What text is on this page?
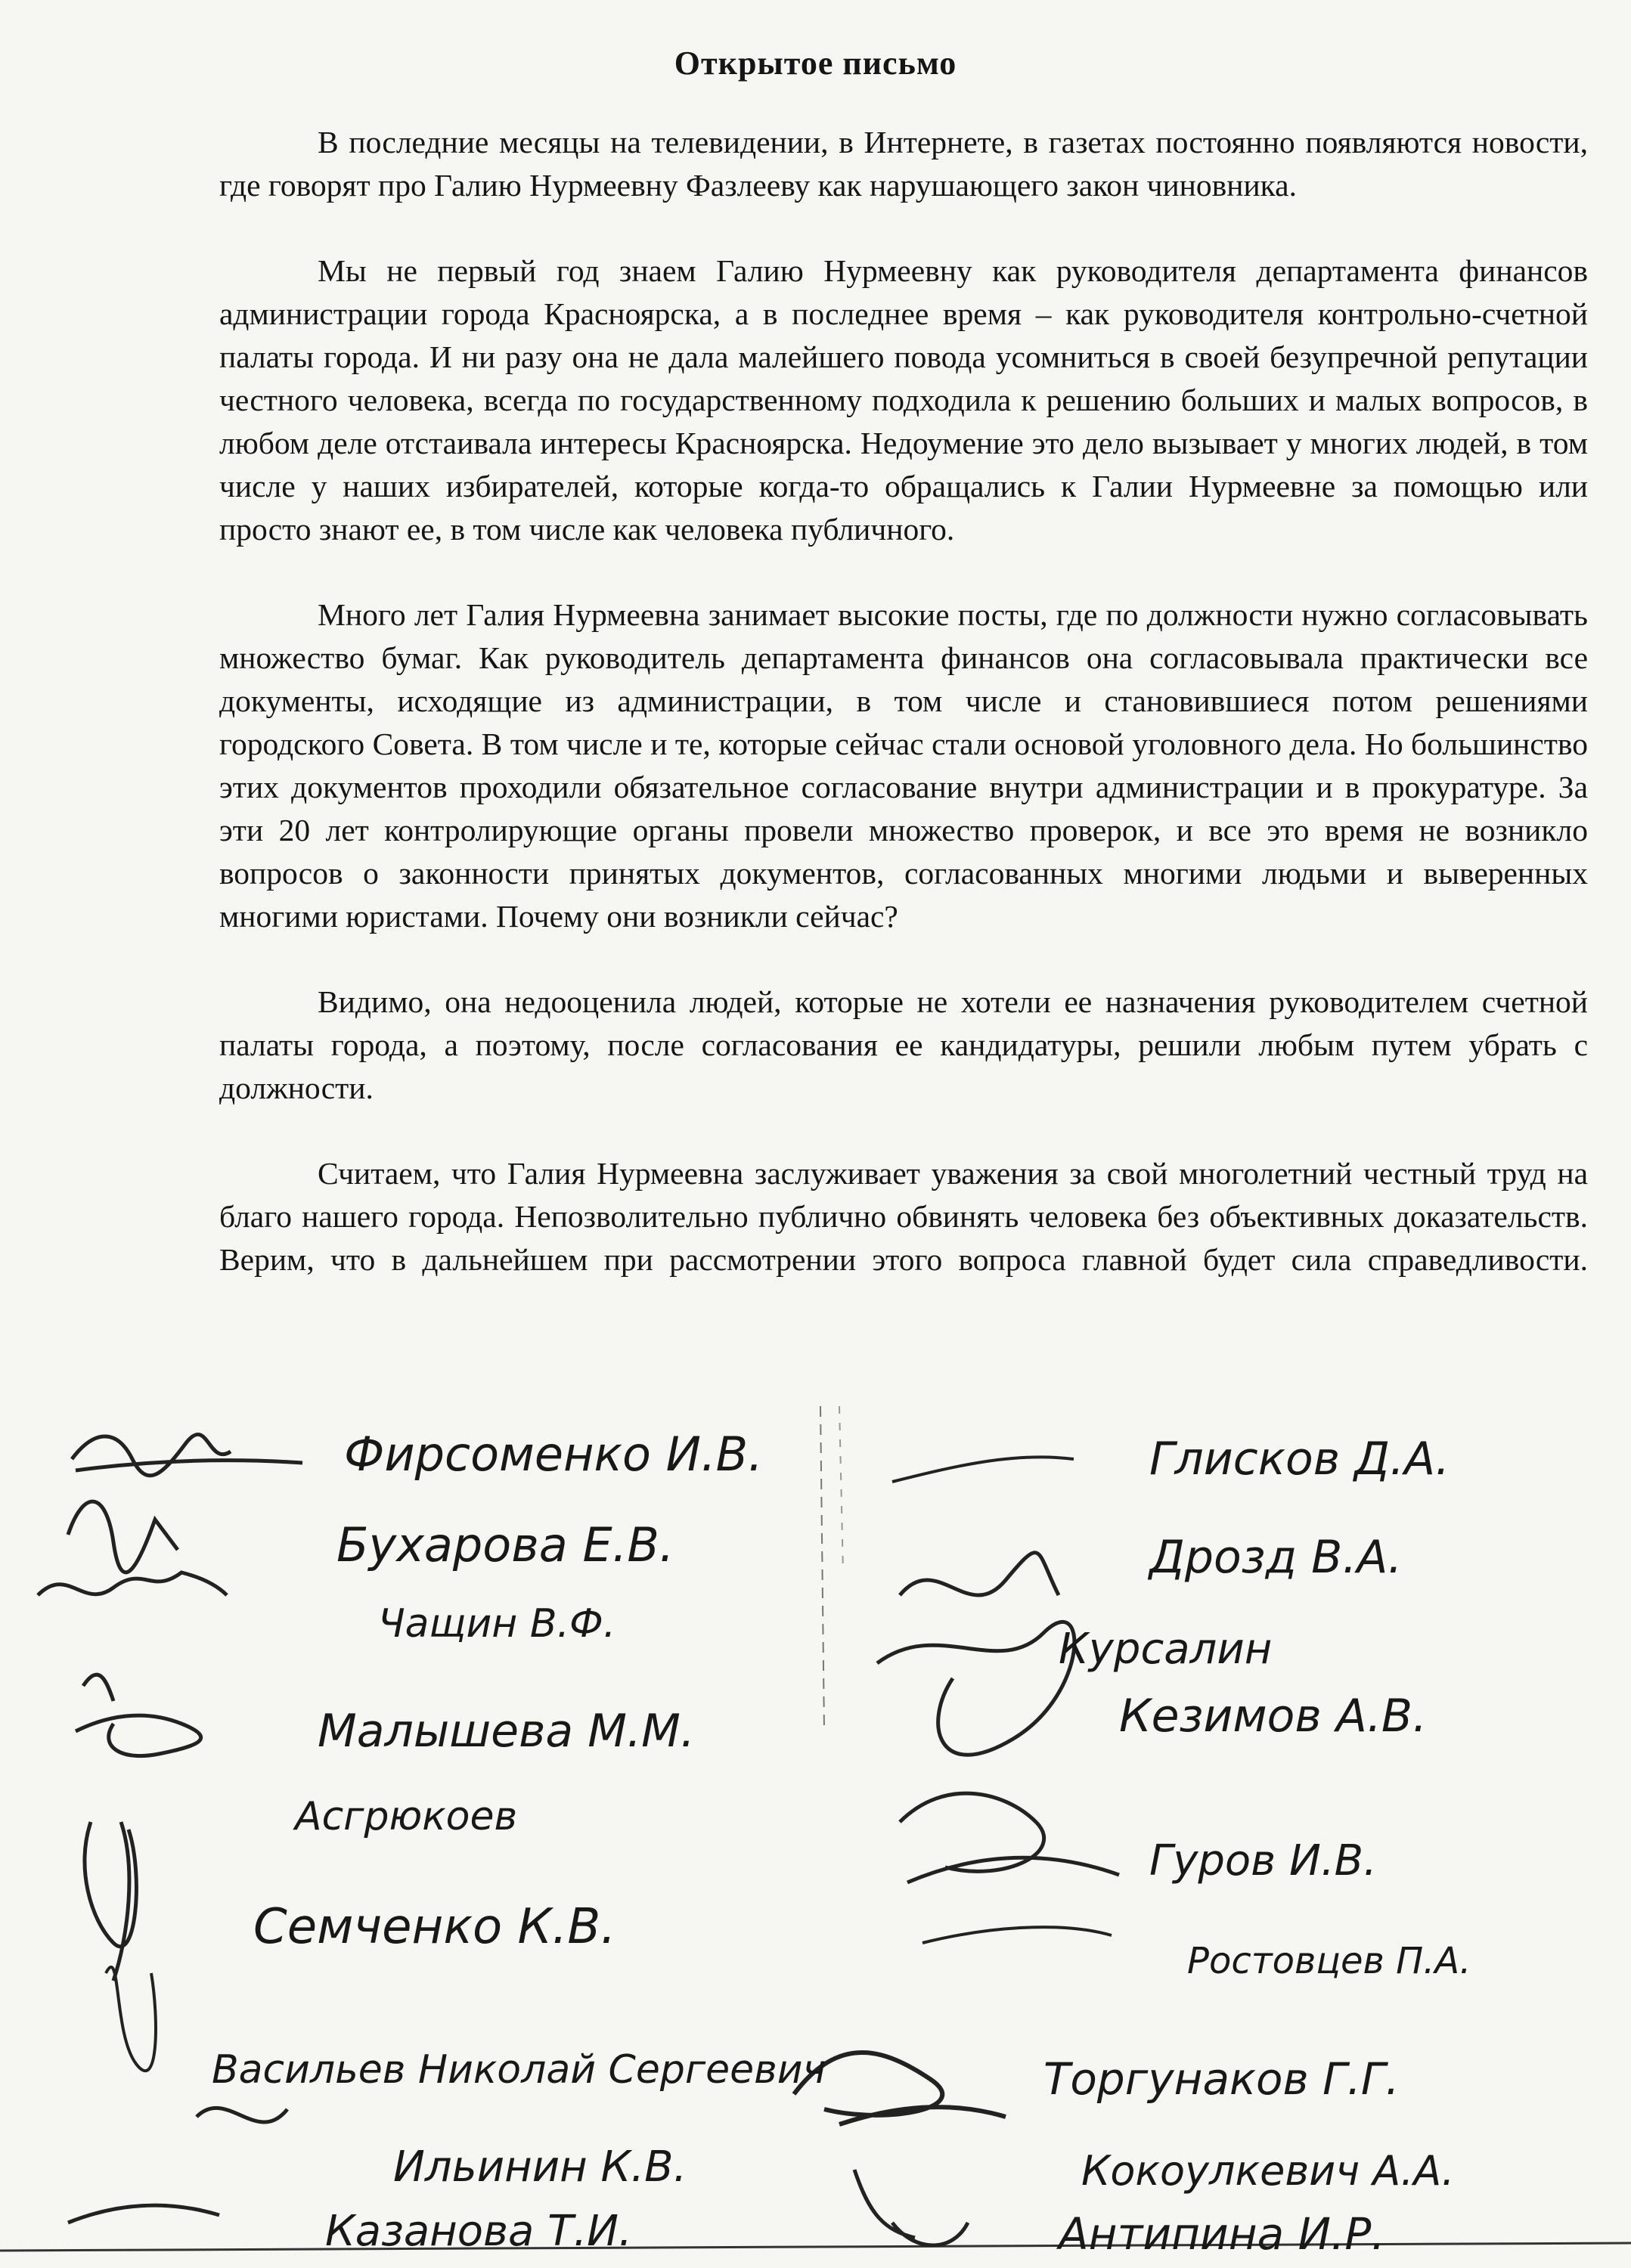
Открытое письмо

В последние месяцы на телевидении, в Интернете, в газетах постоянно появляются новости, где говорят про Галию Нурмеевну Фазлееву как нарушающего закон чиновника.

Мы не первый год знаем Галию Нурмеевну как руководителя департамента финансов администрации города Красноярска, а в последнее время – как руководителя контрольно-счетной палаты города. И ни разу она не дала малейшего повода усомниться в своей безупречной репутации честного человека, всегда по государственному подходила к решению больших и малых вопросов, в любом деле отстаивала интересы Красноярска. Недоумение это дело вызывает у многих людей, в том числе у наших избирателей, которые когда-то обращались к Галии Нурмеевне за помощью или просто знают ее, в том числе как человека публичного.

Много лет Галия Нурмеевна занимает высокие посты, где по должности нужно согласовывать множество бумаг. Как руководитель департамента финансов она согласовывала практически все документы, исходящие из администрации, в том числе и становившиеся потом решениями городского Совета. В том числе и те, которые сейчас стали основой уголовного дела. Но большинство этих документов проходили обязательное согласование внутри администрации и в прокуратуре. За эти 20 лет контролирующие органы провели множество проверок, и все это время не возникло вопросов о законности принятых документов, согласованных многими людьми и выверенных многими юристами. Почему они возникли сейчас?

Видимо, она недооценила людей, которые не хотели ее назначения руководителем счетной палаты города, а поэтому, после согласования ее кандидатуры, решили любым путем убрать с должности.

Считаем, что Галия Нурмеевна заслуживает уважения за свой многолетний честный труд на благо нашего города. Непозволительно публично обвинять человека без объективных доказательств. Верим, что в дальнейшем при рассмотрении этого вопроса главной будет сила справедливости.

Фирсоменко И.В.
Бухарова Е.В.
Чащин В.Ф.
Малышева М.М.
Асгрюкоев
Семченко К.В.
Васильев Николай Сергеевич
Ильинин К.В.
Казанова Т.И.
Глисков Д.А.
Дрозд В.А.
Курсалин
Кезимов А.В.
Гуров И.В.
Ростовцев П.А.
Торгунаков Г.Г.
Кокоулкевич А.А.
Антипина И.Р.
